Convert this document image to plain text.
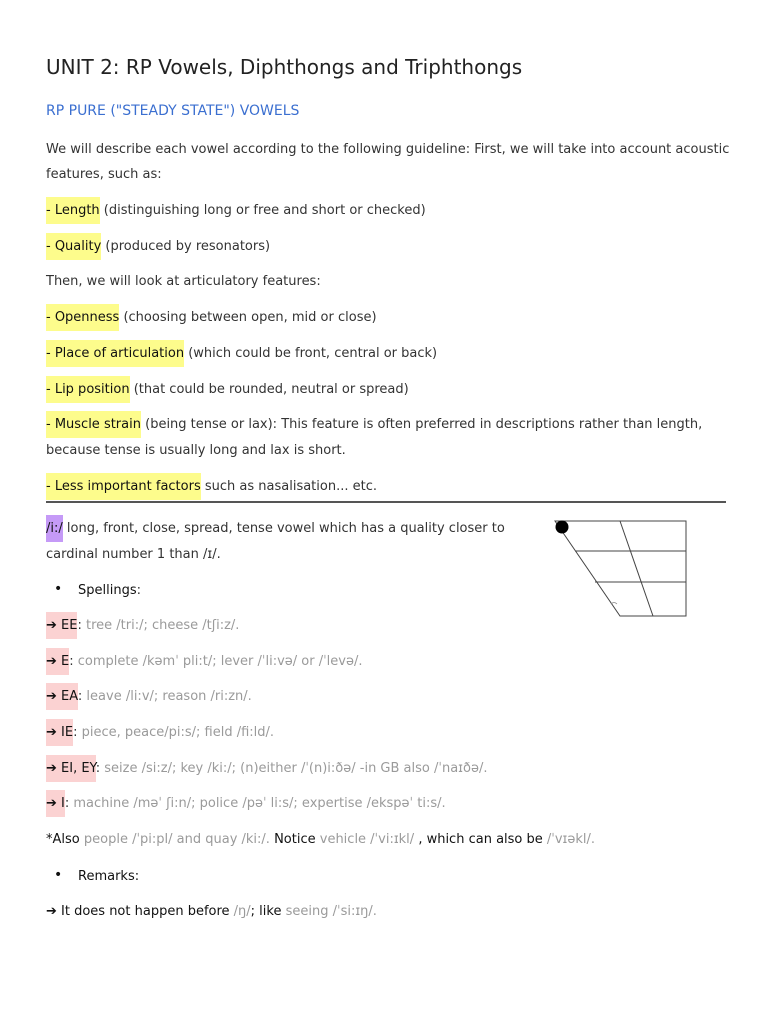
UNIT 2: RP Vowels, Diphthongs and Triphthongs
RP PURE ("STEADY STATE") VOWELS
We will describe each vowel according to the following guideline: First, we will take into account acoustic
features, such as:
- Length (distinguishing long or free and short or checked)
- Quality (produced by resonators)
Then, we will look at articulatory features:
- Openness (choosing between open, mid or close)
- Place of articulation (which could be front, central or back)
- Lip position (that could be rounded, neutral or spread)
- Muscle strain (being tense or lax): This feature is often preferred in descriptions rather than length,
because tense is usually long and lax is short.
- Less important factors such as nasalisation... etc.
/i:/ long, front, close, spread, tense vowel which has a quality closer to
cardinal number 1 than /ɪ/.
• Spellings:
➔ EE: tree /tri:/; cheese /tʃi:z/.
➔ E: complete /kəmˈ pli:t/; lever /ˈli:və/ or /ˈlevə/.
➔ EA: leave /li:v/; reason /ri:zn/.
➔ IE: piece, peace/pi:s/; field /fi:ld/.
➔ EI, EY: seize /si:z/; key /ki:/; (n)either /ˈ(n)i:ðə/ -in GB also /ˈnaɪðə/.
➔ I: machine /məˈ ʃi:n/; police /pəˈ li:s/; expertise /ekspəˈ ti:s/.
*Also people /ˈpi:pl/ and quay /ki:/. Notice vehicle /ˈvi:ɪkl/ , which can also be /ˈvɪəkl/.
• Remarks:
➔ It does not happen before /ŋ/; like seeing /ˈsi:ɪŋ/.
